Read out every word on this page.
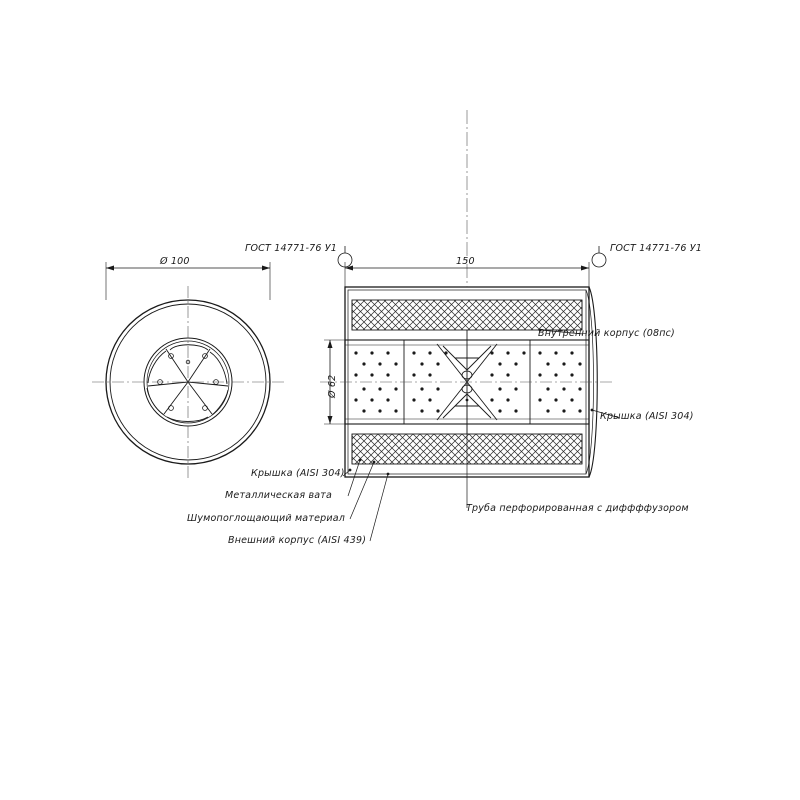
Ø 100	150
Ø 62
ГОСТ 14771-76 У1	ГОСТ 14771-76 У1
Внутренний корпус (08пс)
Крышка (AISI 304)
Труба перфорированная с диффффузором
Крышка (AISI 304)
Металлическая вата
Шумопоглощающий материал
Внешний корпус (AISI 439)
